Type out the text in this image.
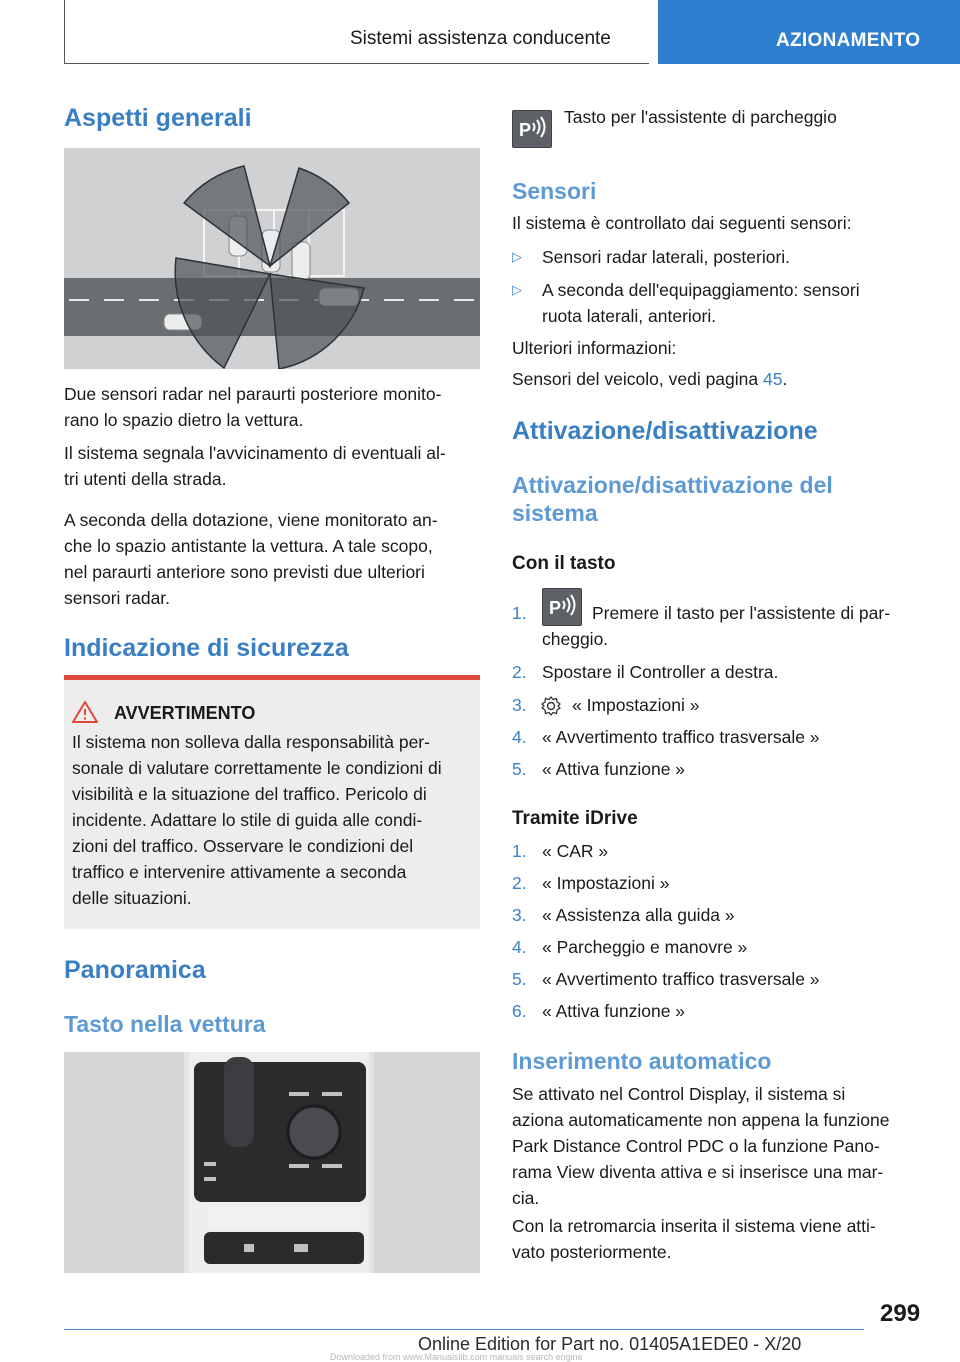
Sistemi assistenza conducente	AZIONAMENTO
Aspetti generali
Due sensori radar nel paraurti posteriore monito-
rano lo spazio dietro la vettura.
Il sistema segnala l'avvicinamento di eventuali al-
tri utenti della strada.
A seconda della dotazione, viene monitorato an-
che lo spazio antistante la vettura. A tale scopo,
nel paraurti anteriore sono previsti due ulteriori
sensori radar.
Indicazione di sicurezza
AVVERTIMENTO
Il sistema non solleva dalla responsabilità per-
sonale di valutare correttamente le condizioni di
visibilità e la situazione del traffico. Pericolo di
incidente. Adattare lo stile di guida alle condi-
zioni del traffico. Osservare le condizioni del
traffico e intervenire attivamente a seconda
delle situazioni.
Panoramica
Tasto nella vettura
P
Tasto per l'assistente di parcheggio
Sensori
Il sistema è controllato dai seguenti sensori:
▷ Sensori radar laterali, posteriori.
▷ A seconda dell'equipaggiamento: sensori
ruota laterali, anteriori.
Ulteriori informazioni:
Sensori del veicolo, vedi pagina 45.
Attivazione/disattivazione
Attivazione/disattivazione del
sistema
Con il tasto
1. P Premere il tasto per l'assistente di par-
cheggio.
2. Spostare il Controller a destra.
3.	« Impostazioni »
4. « Avvertimento traffico trasversale »
5. « Attiva funzione »
Tramite iDrive
1. « CAR »
2. « Impostazioni »
3. « Assistenza alla guida »
4. « Parcheggio e manovre »
5. « Avvertimento traffico trasversale »
6. « Attiva funzione »
Inserimento automatico
Se attivato nel Control Display, il sistema si
aziona automaticamente non appena la funzione
Park Distance Control PDC o la funzione Pano-
rama View diventa attiva e si inserisce una mar-
cia.
Con la retromarcia inserita il sistema viene atti-
vato posteriormente.
299
Online Edition for Part no. 01405A1EDE0 - X/20
Downloaded from www.Manualslib.com manuals search engine
